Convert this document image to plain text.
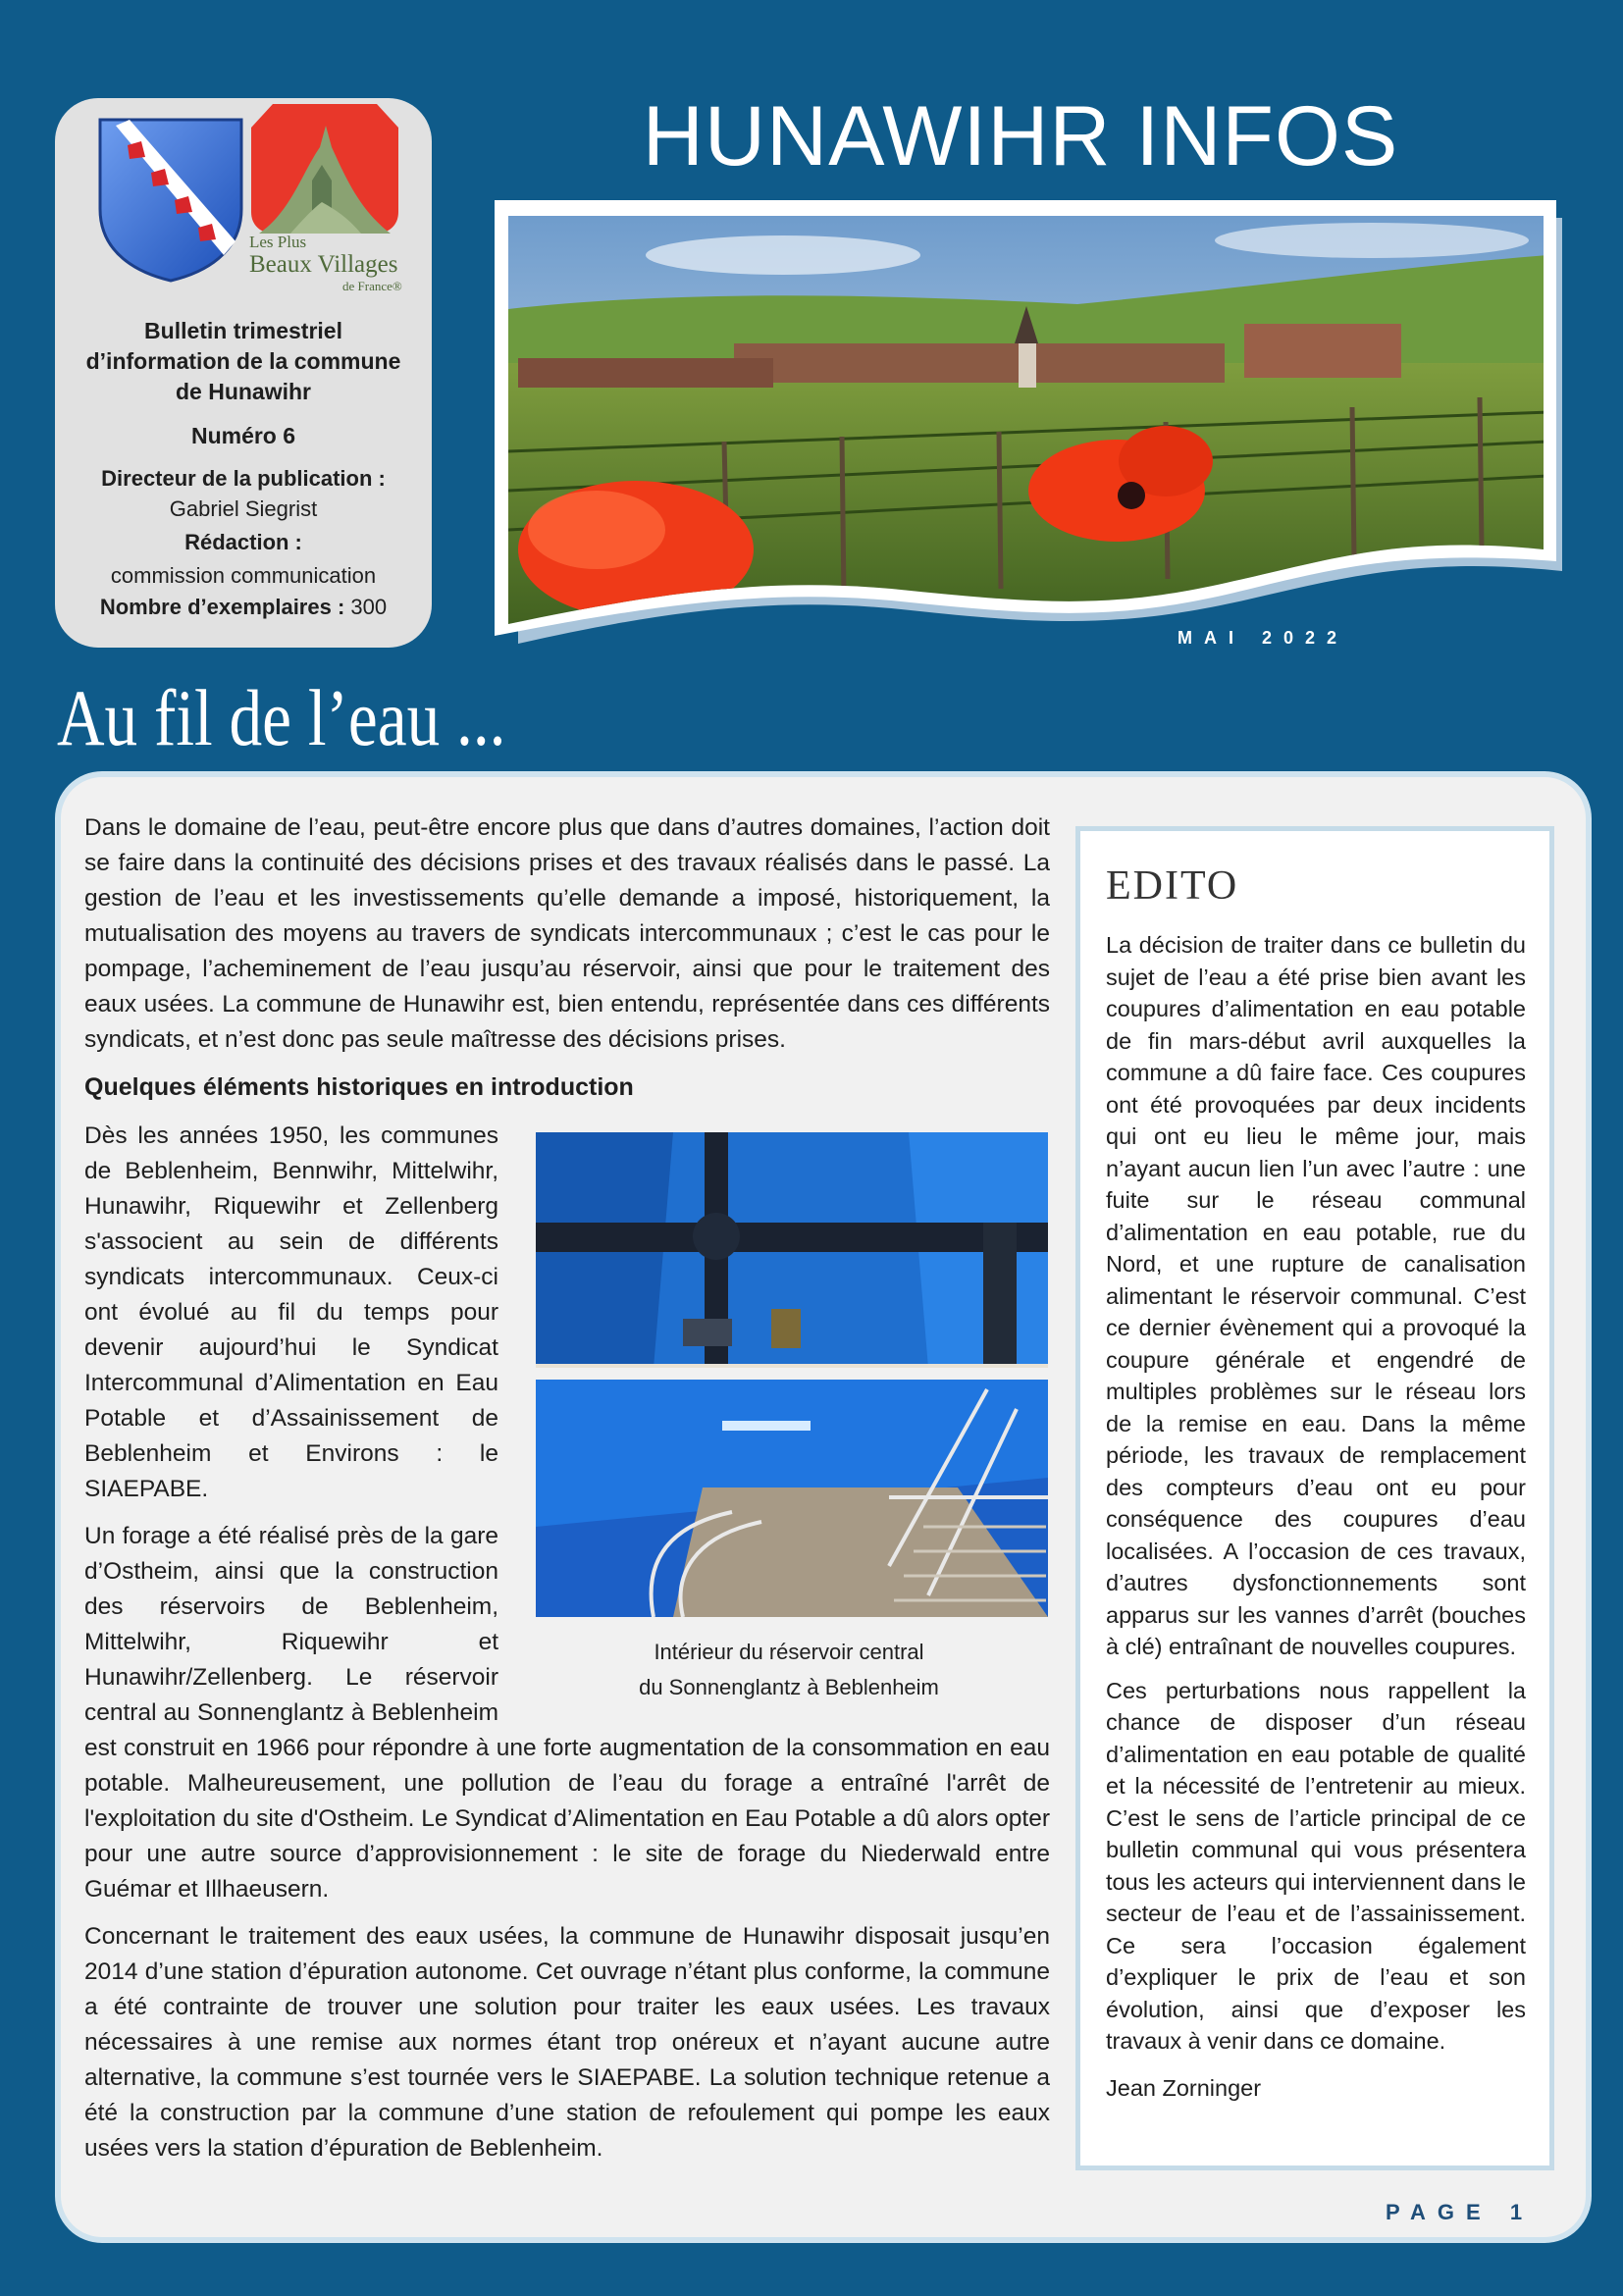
Les Plus
Beaux Villages
de France®
Bulletin trimestriel d’information de la commune de Hunawihr
Numéro 6
Directeur de la publication :
Gabriel Siegrist
Rédaction :
commission communication
Nombre d’exemplaires : 300
HUNAWIHR INFOS
MAI 2022
Au fil de l’eau ...

Dans le domaine de l’eau, peut-être encore plus que dans d’autres domaines, l’action doit se faire dans la continuité des décisions prises et des travaux réalisés dans le passé. La gestion de l’eau et les investissements qu’elle demande a imposé, historiquement, la mutualisation des moyens au travers de syndicats intercommunaux ; c’est le cas pour le pompage, l’acheminement de l’eau jusqu’au réservoir, ainsi que pour le traitement des eaux usées. La commune de Hunawihr est, bien entendu, représentée dans ces différents syndicats, et n’est donc pas seule maîtresse des décisions prises.

Quelques éléments historiques en introduction
Intérieur du réservoir central
du Sonnenglantz à Beblenheim

Dès les années 1950, les communes de Beblenheim, Bennwihr, Mittelwihr, Hunawihr, Riquewihr et Zellenberg s'associent au sein de différents syndicats intercommunaux. Ceux-ci ont évolué au fil du temps pour devenir aujourd’hui le Syndicat Intercommunal d’Alimentation en Eau Potable et d’Assainissement de Beblenheim et Environs : le SIAEPABE.

Un forage a été réalisé près de la gare d’Ostheim, ainsi que la construction des réservoirs de Beblenheim, Mittelwihr, Riquewihr et Hunawihr/Zellenberg. Le réservoir central au Sonnenglantz à Beblenheim est construit en 1966 pour répondre à une forte augmentation de la consommation en eau potable. Malheureusement, une pollution de l’eau du forage a entraîné l'arrêt de l'exploitation du site d'Ostheim. Le Syndicat d’Alimentation en Eau Potable a dû alors opter pour une autre source d’approvisionnement : le site de forage du Niederwald entre Guémar et Illhaeusern.

Concernant le traitement des eaux usées, la commune de Hunawihr disposait jusqu’en 2014 d’une station d’épuration autonome. Cet ouvrage n’étant plus conforme, la commune a été contrainte de trouver une solution pour traiter les eaux usées. Les travaux nécessaires à une remise aux normes étant trop onéreux et n’ayant aucune autre alternative, la commune s’est tournée vers le SIAEPABE. La solution technique retenue a été la construction par la commune d’une station de refoulement qui pompe les eaux usées vers la station d’épuration de Beblenheim.

EDITO

La décision de traiter dans ce bulletin du sujet de l’eau a été prise bien avant les coupures d’alimentation en eau potable de fin mars-début avril auxquelles la commune a dû faire face. Ces coupures ont été provoquées par deux incidents qui ont eu lieu le même jour, mais n’ayant aucun lien l’un avec l’autre : une fuite sur le réseau communal d’alimentation en eau potable, rue du Nord, et une rupture de canalisation alimentant le réservoir communal. C’est ce dernier évènement qui a provoqué la coupure générale et engendré de multiples problèmes sur le réseau lors de la remise en eau. Dans la même période, les travaux de remplacement des compteurs d’eau ont eu pour conséquence des coupures d’eau localisées. A l’occasion de ces travaux, d’autres dysfonctionnements sont apparus sur les vannes d’arrêt (bouches à clé) entraînant de nouvelles coupures.

Ces perturbations nous rappellent la chance de disposer d’un réseau d’alimentation en eau potable de qualité et la nécessité de l’entretenir au mieux. C’est le sens de l’article principal de ce bulletin communal qui vous présentera tous les acteurs qui interviennent dans le secteur de l’eau et de l’assainissement. Ce sera l’occasion également d’expliquer le prix de l’eau et son évolution, ainsi que d’exposer les travaux à venir dans ce domaine.

Jean Zorninger
PAGE 1
